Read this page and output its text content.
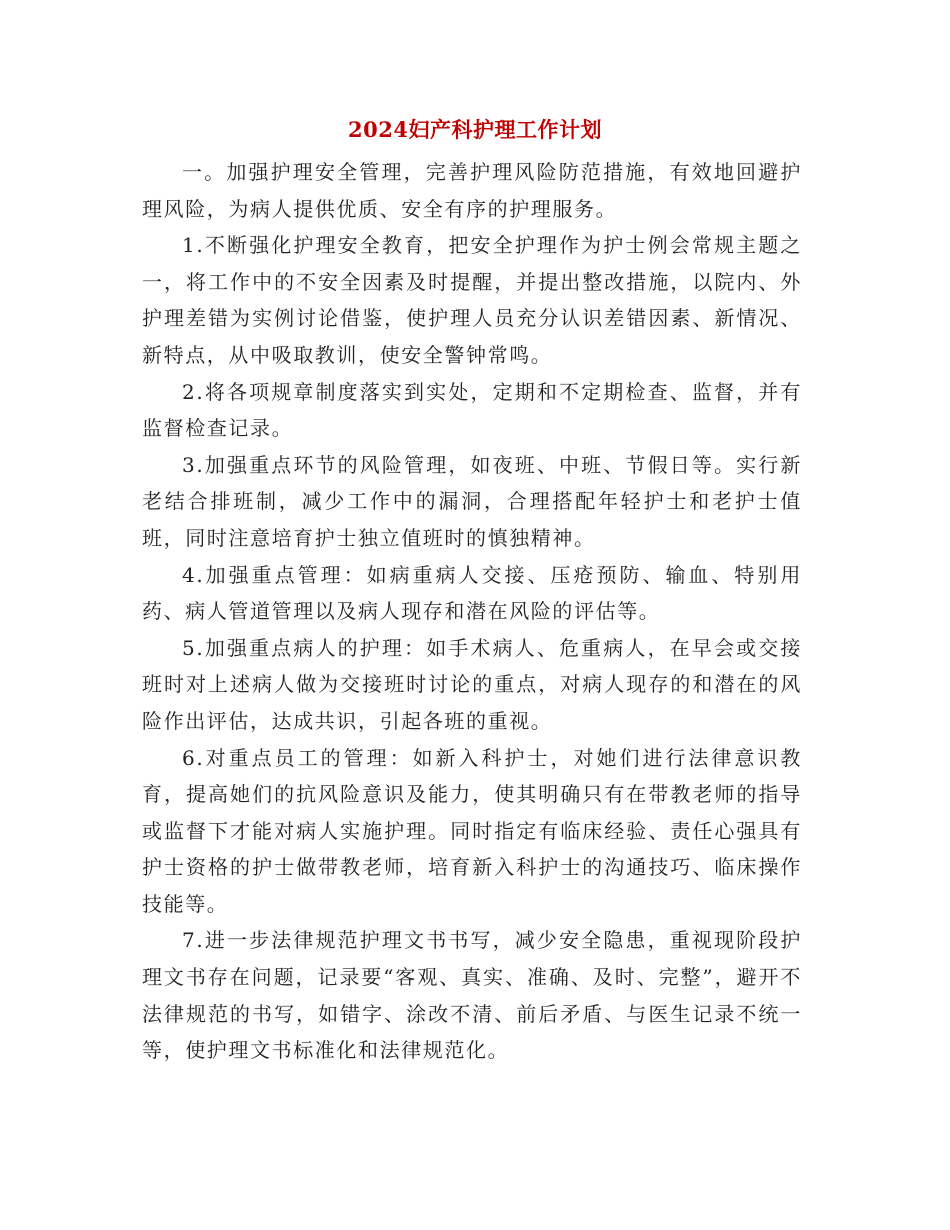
2024妇产科护理工作计划

一。加强护理安全管理，完善护理风险防范措施，有效地回避护理风险，为病人提供优质、安全有序的护理服务。

1.不断强化护理安全教育，把安全护理作为护士例会常规主题之一，将工作中的不安全因素及时提醒，并提出整改措施，以院内、外护理差错为实例讨论借鉴，使护理人员充分认识差错因素、新情况、新特点，从中吸取教训，使安全警钟常鸣。

2.将各项规章制度落实到实处，定期和不定期检查、监督，并有监督检查记录。

3.加强重点环节的风险管理，如夜班、中班、节假日等。实行新老结合排班制，减少工作中的漏洞，合理搭配年轻护士和老护士值班，同时注意培育护士独立值班时的慎独精神。

4.加强重点管理：如病重病人交接、压疮预防、输血、特别用药、病人管道管理以及病人现存和潜在风险的评估等。

5.加强重点病人的护理：如手术病人、危重病人，在早会或交接班时对上述病人做为交接班时讨论的重点，对病人现存的和潜在的风险作出评估，达成共识，引起各班的重视。

6.对重点员工的管理：如新入科护士，对她们进行法律意识教育，提高她们的抗风险意识及能力，使其明确只有在带教老师的指导或监督下才能对病人实施护理。同时指定有临床经验、责任心强具有护士资格的护士做带教老师，培育新入科护士的沟通技巧、临床操作技能等。

7.进一步法律规范护理文书书写，减少安全隐患，重视现阶段护理文书存在问题，记录要“客观、真实、准确、及时、完整”，避开不法律规范的书写，如错字、涂改不清、前后矛盾、与医生记录不统一等，使护理文书标准化和法律规范化。
